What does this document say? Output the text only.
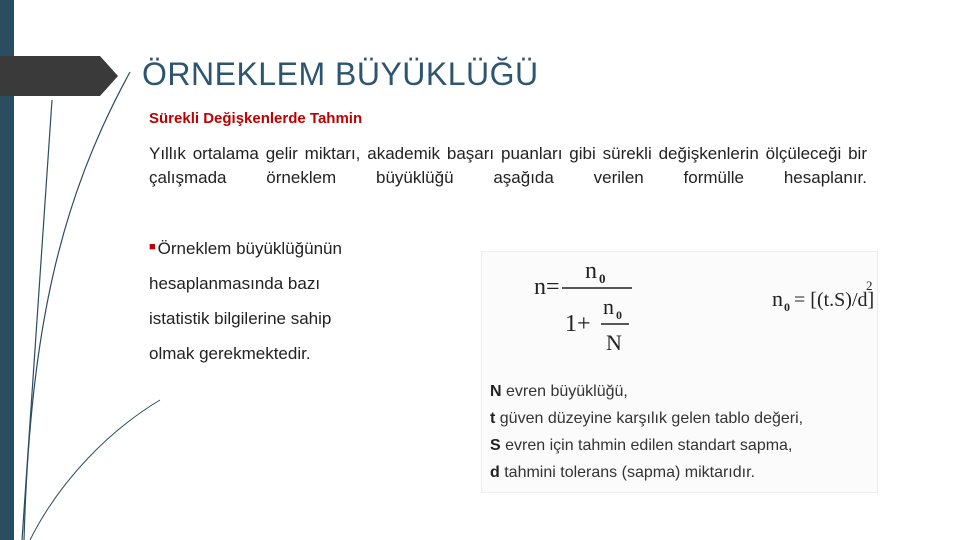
ÖRNEKLEM BÜYÜKLÜĞÜ
Sürekli Değişkenlerde Tahmin
Yıllık ortalama gelir miktarı, akademik başarı puanları gibi sürekli değişkenlerin ölçüleceği bir çalışmada örneklem büyüklüğü aşağıda verilen formülle hesaplanır.
■ Örneklem büyüklüğünün
hesaplanmasında bazı
istatistik bilgilerine sahip
olmak gerekmektedir.
n=
n 0
1+
n 0
N
n 0 = [(t.S)/d]
2
N evren büyüklüğü,
t güven düzeyine karşılık gelen tablo değeri,
S evren için tahmin edilen standart sapma,
d tahmini tolerans (sapma) miktarıdır.
